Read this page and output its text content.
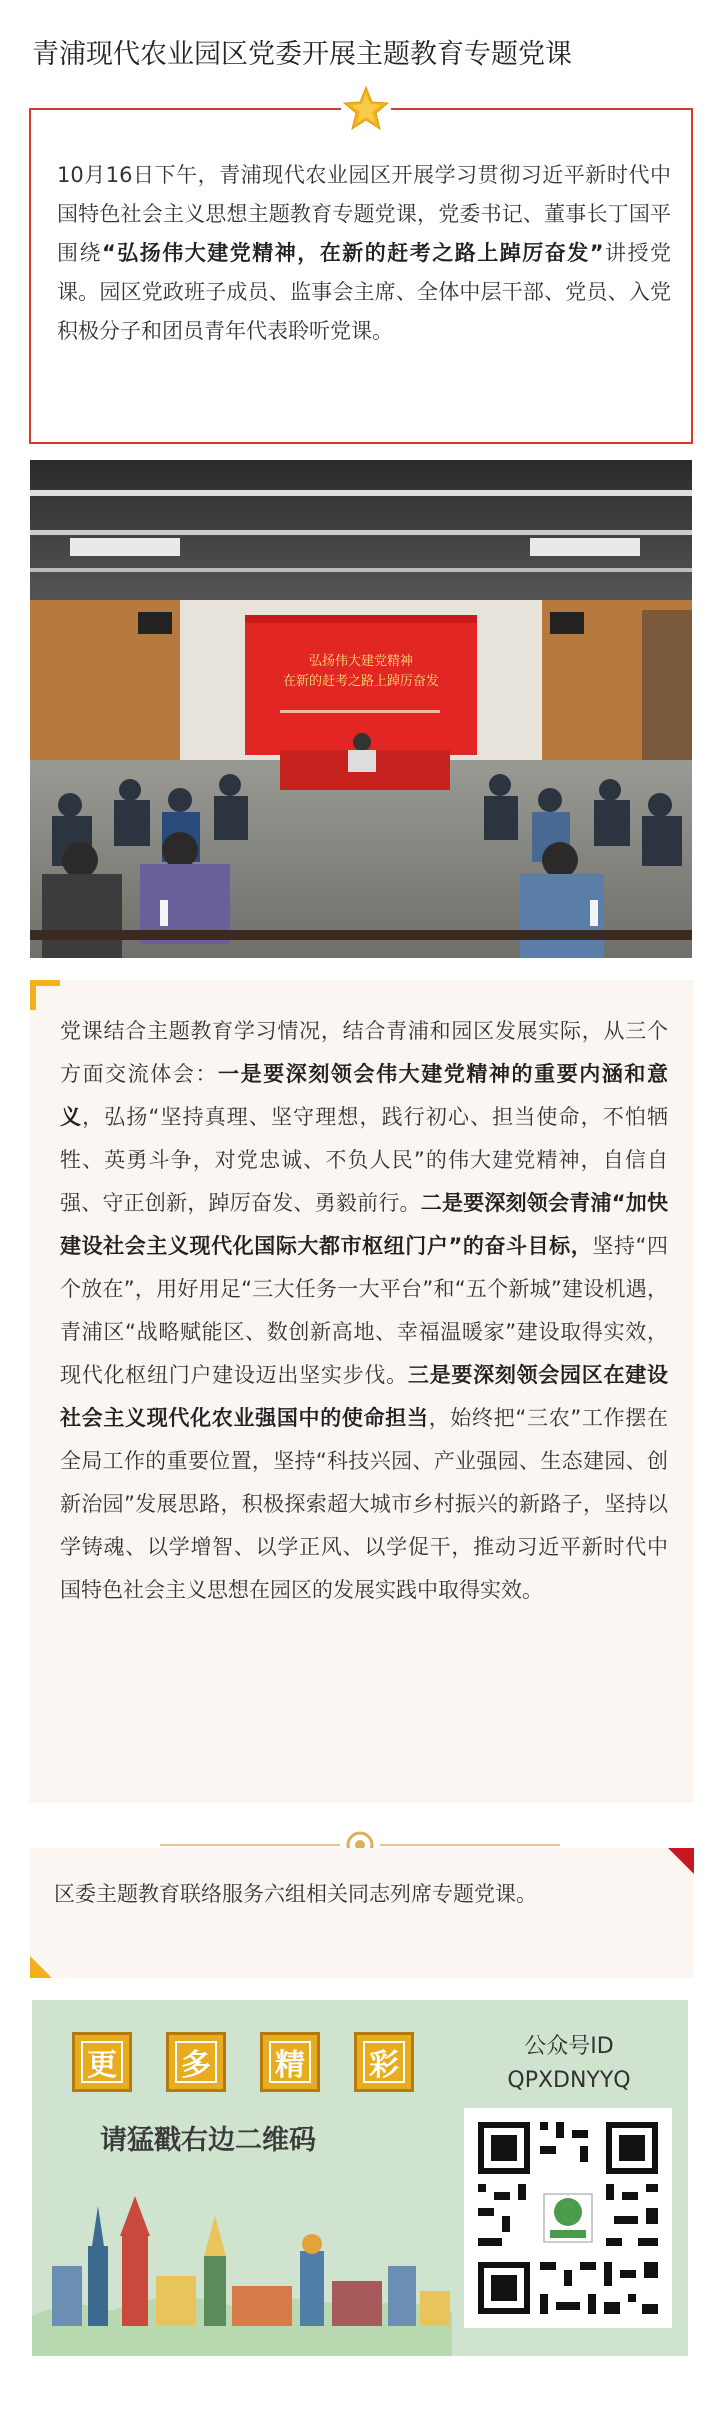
青浦现代农业园区党委开展主题教育专题党课
10月16日下午，青浦现代农业园区开展学习贯彻习近平新时代中国特色社会主义思想主题教育专题党课，党委书记、董事长丁国平围绕“弘扬伟大建党精神，在新的赶考之路上踔厉奋发”讲授党课。园区党政班子成员、监事会主席、全体中层干部、党员、入党积极分子和团员青年代表聆听党课。
弘扬伟大建党精神
在新的赶考之路上踔厉奋发
党课结合主题教育学习情况，结合青浦和园区发展实际，从三个方面交流体会：一是要深刻领会伟大建党精神的重要内涵和意义，弘扬“坚持真理、坚守理想，践行初心、担当使命，不怕牺牲、英勇斗争，对党忠诚、不负人民”的伟大建党精神，自信自强、守正创新，踔厉奋发、勇毅前行。二是要深刻领会青浦“加快建设社会主义现代化国际大都市枢纽门户”的奋斗目标，坚持“四个放在”，用好用足“三大任务一大平台”和“五个新城”建设机遇，青浦区“战略赋能区、数创新高地、幸福温暖家”建设取得实效，现代化枢纽门户建设迈出坚实步伐。三是要深刻领会园区在建设社会主义现代化农业强国中的使命担当，始终把“三农”工作摆在全局工作的重要位置，坚持“科技兴园、产业强园、生态建园、创新治园”发展思路，积极探索超大城市乡村振兴的新路子，坚持以学铸魂、以学增智、以学正风、以学促干，推动习近平新时代中国特色社会主义思想在园区的发展实践中取得实效。
区委主题教育联络服务六组相关同志列席专题党课。
更 多 精 彩
请猛戳右边二维码
公众号ID
QPXDNYYQ
